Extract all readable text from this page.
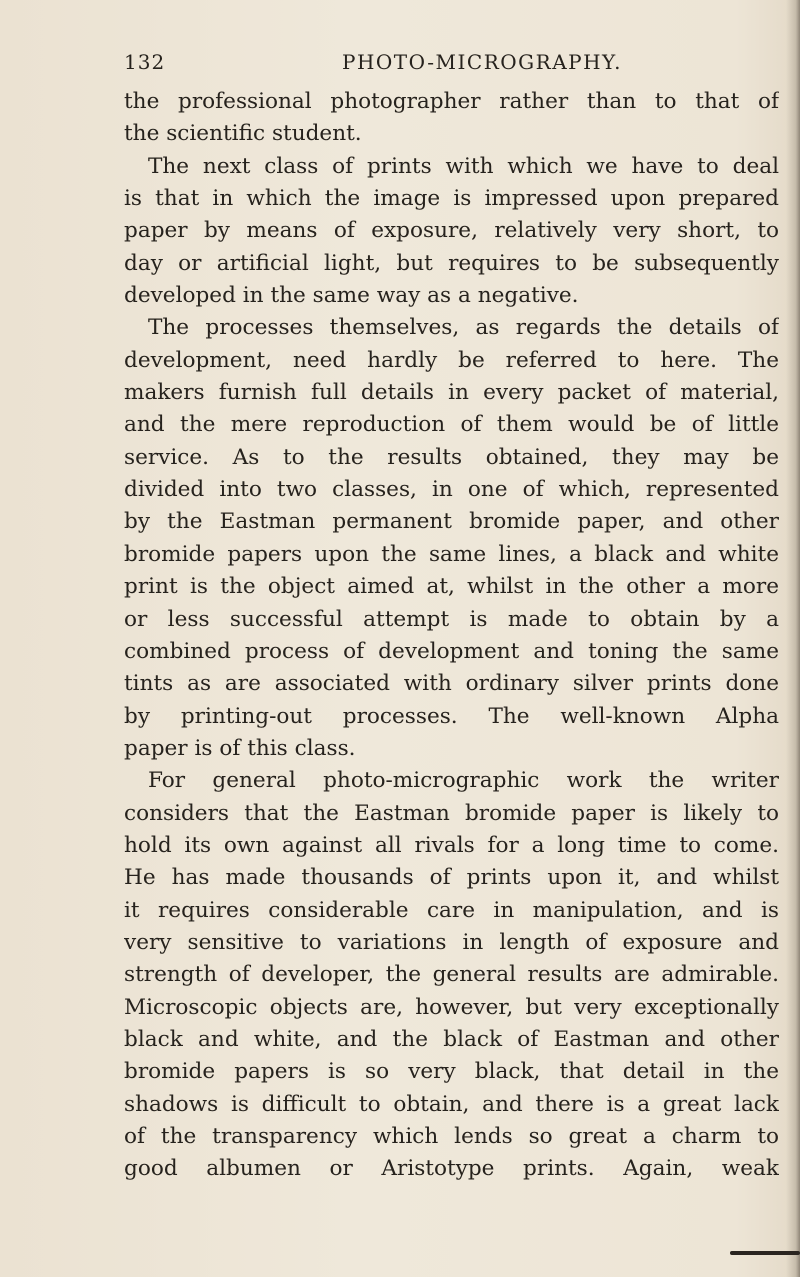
132	PHOTO-MICROGRAPHY.
the professional photographer rather than to that of
the scientific student.
The next class of prints with which we have to deal
is that in which the image is impressed upon prepared
paper by means of exposure, relatively very short, to
day or artificial light, but requires to be subsequently
developed in the same way as a negative.
The processes themselves, as regards the details of
development, need hardly be referred to here. The
makers furnish full details in every packet of material,
and the mere reproduction of them would be of little
service. As to the results obtained, they may be
divided into two classes, in one of which, represented
by the Eastman permanent bromide paper, and other
bromide papers upon the same lines, a black and white
print is the object aimed at, whilst in the other a more
or less successful attempt is made to obtain by a
combined process of development and toning the same
tints as are associated with ordinary silver prints done
by printing-out processes. The well-known Alpha
paper is of this class.
For general photo-micrographic work the writer
considers that the Eastman bromide paper is likely to
hold its own against all rivals for a long time to come.
He has made thousands of prints upon it, and whilst
it requires considerable care in manipulation, and is
very sensitive to variations in length of exposure and
strength of developer, the general results are admirable.
Microscopic objects are, however, but very exceptionally
black and white, and the black of Eastman and other
bromide papers is so very black, that detail in the
shadows is difficult to obtain, and there is a great lack
of the transparency which lends so great a charm to
good albumen or Aristotype prints. Again, weak
